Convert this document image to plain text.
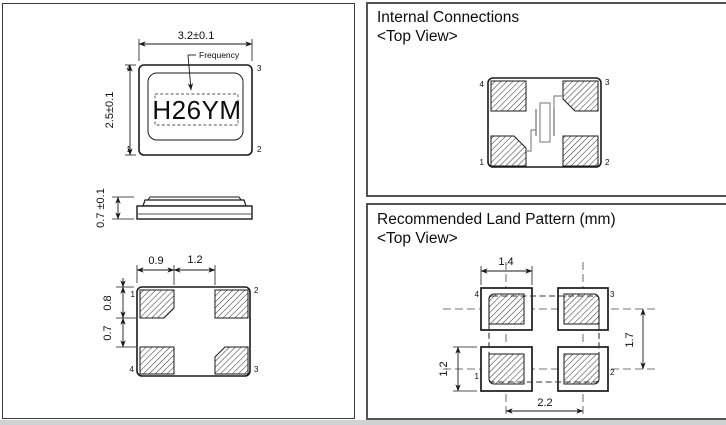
Internal Connections
<Top View>
Recommended Land Pattern (mm)
<Top View>
H26YM
Frequency
3.2±0.1
2.5±0.1
4	3
1	2
0.7 ±0.1
0.9 1.2
0.8
0.7
1	2
4	3
4	3
1	2
1.4
1.2
1.7
2.2
4	3
1	2
